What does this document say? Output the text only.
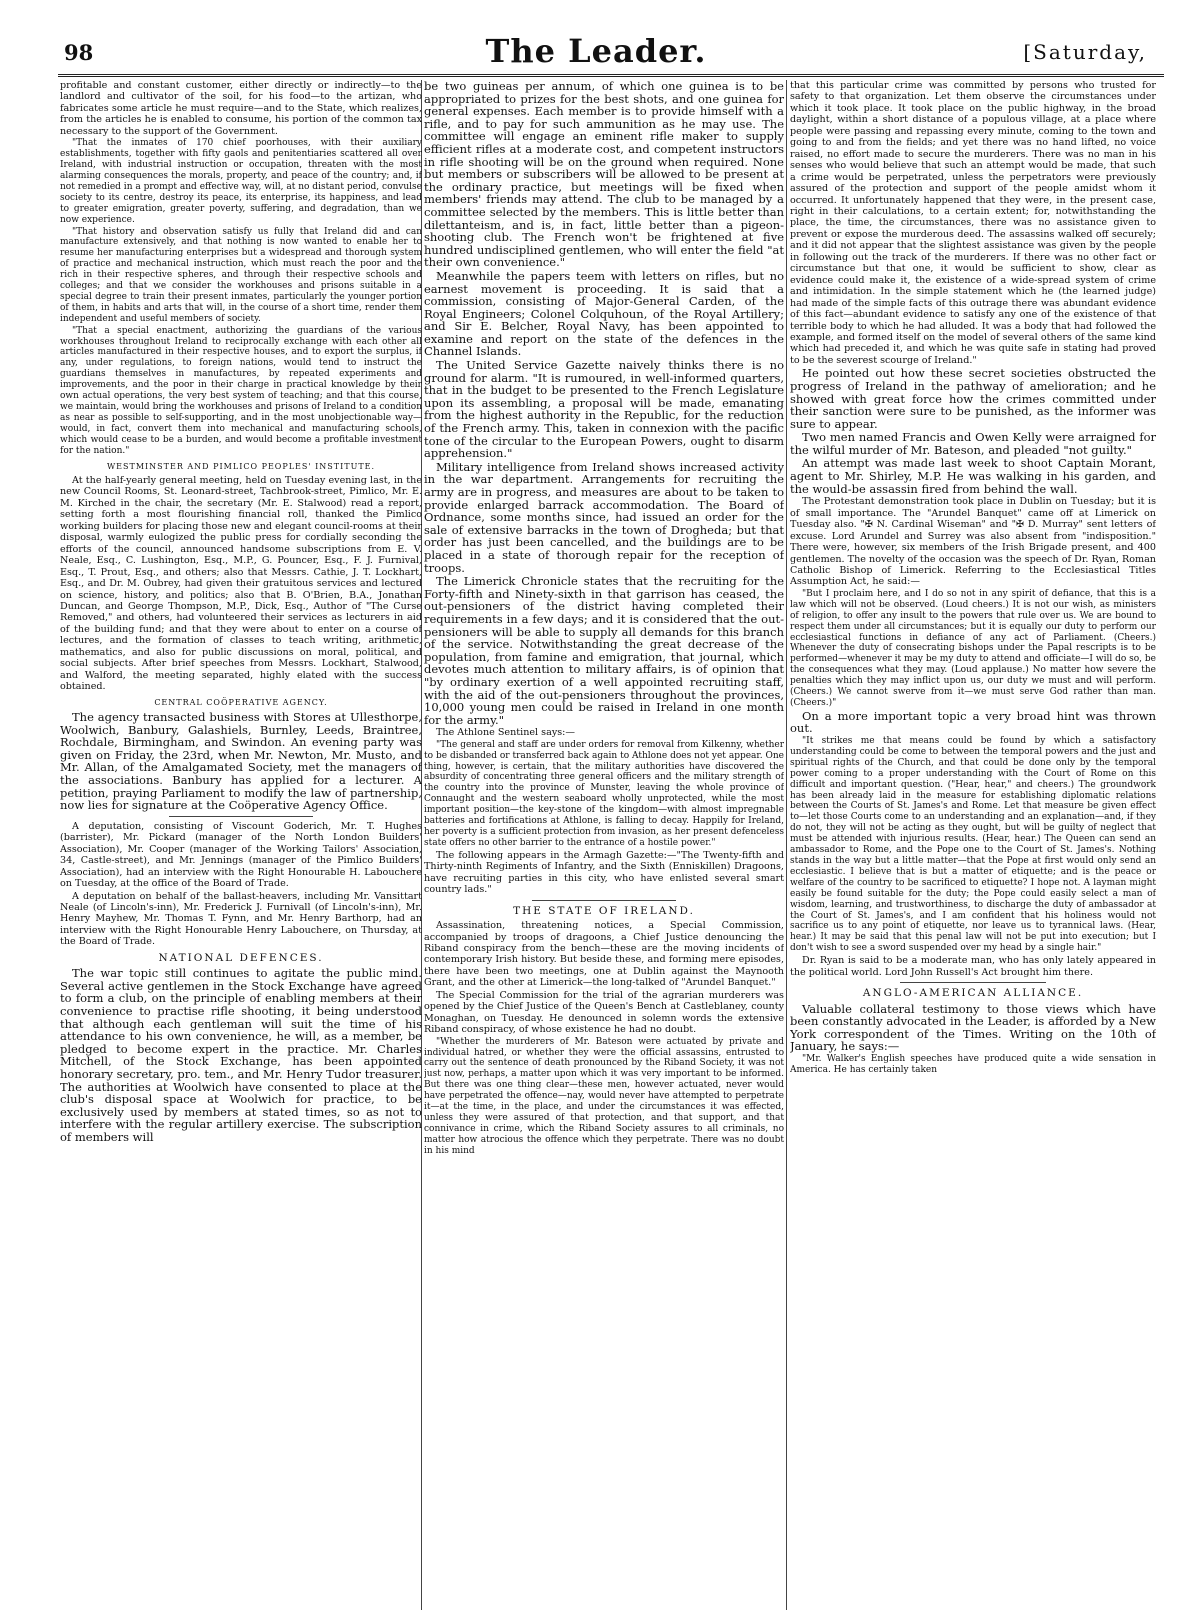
98	The Leader.	[Saturday,

profitable and constant customer, either directly or indirectly—to the landlord and cultivator of the soil, for his food—to the artizan, who fabricates some article he must require—and to the State, which realizes, from the articles he is enabled to consume, his portion of the common tax necessary to the support of the Government.

"That the inmates of 170 chief poorhouses, with their auxiliary establishments, together with fifty gaols and penitentiaries scattered all over Ireland, with industrial instruction or occupation, threaten with the most alarming consequences the morals, property, and peace of the country; and, if not remedied in a prompt and effective way, will, at no distant period, convulse society to its centre, destroy its peace, its enterprise, its happiness, and lead to greater emigration, greater poverty, suffering, and degradation, than we now experience.

"That history and observation satisfy us fully that Ireland did and can manufacture extensively, and that nothing is now wanted to enable her to resume her manufacturing enterprises but a widespread and thorough system of practice and mechanical instruction, which must reach the poor and the rich in their respective spheres, and through their respective schools and colleges; and that we consider the workhouses and prisons suitable in a special degree to train their present inmates, particularly the younger portion of them, in habits and arts that will, in the course of a short time, render them independent and useful members of society.

"That a special enactment, authorizing the guardians of the various workhouses throughout Ireland to reciprocally exchange with each other all articles manufactured in their respective houses, and to export the surplus, if any, under regulations, to foreign nations, would tend to instruct the guardians themselves in manufactures, by repeated experiments and improvements, and the poor in their charge in practical knowledge by their own actual operations, the very best system of teaching; and that this course, we maintain, would bring the workhouses and prisons of Ireland to a condition as near as possible to self-supporting, and in the most unobjectionable way—would, in fact, convert them into mechanical and manufacturing schools, which would cease to be a burden, and would become a profitable investment for the nation."

WESTMINSTER AND PIMLICO PEOPLES' INSTITUTE.

At the half-yearly general meeting, held on Tuesday evening last, in the new Council Rooms, St. Leonard-street, Tachbrook-street, Pimlico, Mr. E. M. Kirched in the chair, the secretary (Mr. E. Stalwood) read a report, setting forth a most flourishing financial roll, thanked the Pimlico working builders for placing those new and elegant council-rooms at their disposal, warmly eulogized the public press for cordially seconding the efforts of the council, announced handsome subscriptions from E. V. Neale, Esq., C. Lushington, Esq., M.P., G. Pouncer, Esq., F. J. Furnival, Esq., T. Prout, Esq., and others; also that Messrs. Cathie, J. T. Lockhart, Esq., and Dr. M. Oubrey, had given their gratuitous services and lectured on science, history, and politics; also that B. O'Brien, B.A., Jonathan Duncan, and George Thompson, M.P., Dick, Esq., Author of "The Curse Removed," and others, had volunteered their services as lecturers in aid of the building fund; and that they were about to enter on a course of lectures, and the formation of classes to teach writing, arithmetic, mathematics, and also for public discussions on moral, political, and social subjects. After brief speeches from Messrs. Lockhart, Stalwood, and Walford, the meeting separated, highly elated with the success obtained.

CENTRAL COÖPERATIVE AGENCY.

The agency transacted business with Stores at Ullesthorpe, Woolwich, Banbury, Galashiels, Burnley, Leeds, Braintree, Rochdale, Birmingham, and Swindon. An evening party was given on Friday, the 23rd, when Mr. Newton, Mr. Musto, and Mr. Allan, of the Amalgamated Society, met the managers of the associations. Banbury has applied for a lecturer. A petition, praying Parliament to modify the law of partnership, now lies for signature at the Coöperative Agency Office.

A deputation, consisting of Viscount Goderich, Mr. T. Hughes (barrister), Mr. Pickard (manager of the North London Builders' Association), Mr. Cooper (manager of the Working Tailors' Association, 34, Castle-street), and Mr. Jennings (manager of the Pimlico Builders' Association), had an interview with the Right Honourable H. Labouchere on Tuesday, at the office of the Board of Trade.

A deputation on behalf of the ballast-heavers, including Mr. Vansittart Neale (of Lincoln's-inn), Mr. Frederick J. Furnivall (of Lincoln's-inn), Mr. Henry Mayhew, Mr. Thomas T. Fynn, and Mr. Henry Barthorp, had an interview with the Right Honourable Henry Labouchere, on Thursday, at the Board of Trade.

NATIONAL DEFENCES.

The war topic still continues to agitate the public mind. Several active gentlemen in the Stock Exchange have agreed to form a club, on the principle of enabling members at their convenience to practise rifle shooting, it being understood that although each gentleman will suit the time of his attendance to his own convenience, he will, as a member, be pledged to become expert in the practice. Mr. Charles Mitchell, of the Stock Exchange, has been appointed honorary secretary, pro. tem., and Mr. Henry Tudor treasurer. The authorities at Woolwich have consented to place at the club's disposal space at Woolwich for practice, to be exclusively used by members at stated times, so as not to interfere with the regular artillery exercise. The subscription of members will

be two guineas per annum, of which one guinea is to be appropriated to prizes for the best shots, and one guinea for general expenses. Each member is to provide himself with a rifle, and to pay for such ammunition as he may use. The committee will engage an eminent rifle maker to supply efficient rifles at a moderate cost, and competent instructors in rifle shooting will be on the ground when required. None but members or subscribers will be allowed to be present at the ordinary practice, but meetings will be fixed when members' friends may attend. The club to be managed by a committee selected by the members. This is little better than dilettanteism, and is, in fact, little better than a pigeon-shooting club. The French won't be frightened at five hundred undisciplined gentlemen, who will enter the field "at their own convenience."

Meanwhile the papers teem with letters on rifles, but no earnest movement is proceeding. It is said that a commission, consisting of Major-General Carden, of the Royal Engineers; Colonel Colquhoun, of the Royal Artillery; and Sir E. Belcher, Royal Navy, has been appointed to examine and report on the state of the defences in the Channel Islands.

The United Service Gazette naively thinks there is no ground for alarm. "It is rumoured, in well-informed quarters, that in the budget to be presented to the French Legislature upon its assembling, a proposal will be made, emanating from the highest authority in the Republic, for the reduction of the French army. This, taken in connexion with the pacific tone of the circular to the European Powers, ought to disarm apprehension."

Military intelligence from Ireland shows increased activity in the war department. Arrangements for recruiting the army are in progress, and measures are about to be taken to provide enlarged barrack accommodation. The Board of Ordnance, some months since, had issued an order for the sale of extensive barracks in the town of Drogheda; but that order has just been cancelled, and the buildings are to be placed in a state of thorough repair for the reception of troops.

The Limerick Chronicle states that the recruiting for the Forty-fifth and Ninety-sixth in that garrison has ceased, the out-pensioners of the district having completed their requirements in a few days; and it is considered that the out-pensioners will be able to supply all demands for this branch of the service. Notwithstanding the great decrease of the population, from famine and emigration, that journal, which devotes much attention to military affairs, is of opinion that "by ordinary exertion of a well appointed recruiting staff, with the aid of the out-pensioners throughout the provinces, 10,000 young men could be raised in Ireland in one month for the army."

The Athlone Sentinel says:—

"The general and staff are under orders for removal from Kilkenny, whether to be disbanded or transferred back again to Athlone does not yet appear. One thing, however, is certain, that the military authorities have discovered the absurdity of concentrating three general officers and the military strength of the country into the province of Munster, leaving the whole province of Connaught and the western seaboard wholly unprotected, while the most important position—the key-stone of the kingdom—with almost impregnable batteries and fortifications at Athlone, is falling to decay. Happily for Ireland, her poverty is a sufficient protection from invasion, as her present defenceless state offers no other barrier to the entrance of a hostile power."

The following appears in the Armagh Gazette:—"The Twenty-fifth and Thirty-ninth Regiments of Infantry, and the Sixth (Enniskillen) Dragoons, have recruiting parties in this city, who have enlisted several smart country lads."

THE STATE OF IRELAND.

Assassination, threatening notices, a Special Commission, accompanied by troops of dragoons, a Chief Justice denouncing the Riband conspiracy from the bench—these are the moving incidents of contemporary Irish history. But beside these, and forming mere episodes, there have been two meetings, one at Dublin against the Maynooth Grant, and the other at Limerick—the long-talked of "Arundel Banquet."

The Special Commission for the trial of the agrarian murderers was opened by the Chief Justice of the Queen's Bench at Castleblaney, county Monaghan, on Tuesday. He denounced in solemn words the extensive Riband conspiracy, of whose existence he had no doubt.

"Whether the murderers of Mr. Bateson were actuated by private and individual hatred, or whether they were the official assassins, entrusted to carry out the sentence of death pronounced by the Riband Society, it was not just now, perhaps, a matter upon which it was very important to be informed. But there was one thing clear—these men, however actuated, never would have perpetrated the offence—nay, would never have attempted to perpetrate it—at the time, in the place, and under the circumstances it was effected, unless they were assured of that protection, and that support, and that connivance in crime, which the Riband Society assures to all criminals, no matter how atrocious the offence which they perpetrate. There was no doubt in his mind

that this particular crime was committed by persons who trusted for safety to that organization. Let them observe the circumstances under which it took place. It took place on the public highway, in the broad daylight, within a short distance of a populous village, at a place where people were passing and repassing every minute, coming to the town and going to and from the fields; and yet there was no hand lifted, no voice raised, no effort made to secure the murderers. There was no man in his senses who would believe that such an attempt would be made, that such a crime would be perpetrated, unless the perpetrators were previously assured of the protection and support of the people amidst whom it occurred. It unfortunately happened that they were, in the present case, right in their calculations, to a certain extent; for, notwithstanding the place, the time, the circumstances, there was no assistance given to prevent or expose the murderous deed. The assassins walked off securely; and it did not appear that the slightest assistance was given by the people in following out the track of the murderers. If there was no other fact or circumstance but that one, it would be sufficient to show, clear as evidence could make it, the existence of a wide-spread system of crime and intimidation. In the simple statement which he (the learned judge) had made of the simple facts of this outrage there was abundant evidence of this fact—abundant evidence to satisfy any one of the existence of that terrible body to which he had alluded. It was a body that had followed the example, and formed itself on the model of several others of the same kind which had preceded it, and which he was quite safe in stating had proved to be the severest scourge of Ireland."

He pointed out how these secret societies obstructed the progress of Ireland in the pathway of amelioration; and he showed with great force how the crimes committed under their sanction were sure to be punished, as the informer was sure to appear.

Two men named Francis and Owen Kelly were arraigned for the wilful murder of Mr. Bateson, and pleaded "not guilty."

An attempt was made last week to shoot Captain Morant, agent to Mr. Shirley, M.P. He was walking in his garden, and the would-be assassin fired from behind the wall.

The Protestant demonstration took place in Dublin on Tuesday; but it is of small importance. The "Arundel Banquet" came off at Limerick on Tuesday also. "✠ N. Cardinal Wiseman" and "✠ D. Murray" sent letters of excuse. Lord Arundel and Surrey was also absent from "indisposition." There were, however, six members of the Irish Brigade present, and 400 gentlemen. The novelty of the occasion was the speech of Dr. Ryan, Roman Catholic Bishop of Limerick. Referring to the Ecclesiastical Titles Assumption Act, he said:—

"But I proclaim here, and I do so not in any spirit of defiance, that this is a law which will not be observed. (Loud cheers.) It is not our wish, as ministers of religion, to offer any insult to the powers that rule over us. We are bound to respect them under all circumstances; but it is equally our duty to perform our ecclesiastical functions in defiance of any act of Parliament. (Cheers.) Whenever the duty of consecrating bishops under the Papal rescripts is to be performed—whenever it may be my duty to attend and officiate—I will do so, be the consequences what they may. (Loud applause.) No matter how severe the penalties which they may inflict upon us, our duty we must and will perform. (Cheers.) We cannot swerve from it—we must serve God rather than man. (Cheers.)"

On a more important topic a very broad hint was thrown out.

"It strikes me that means could be found by which a satisfactory understanding could be come to between the temporal powers and the just and spiritual rights of the Church, and that could be done only by the temporal power coming to a proper understanding with the Court of Rome on this difficult and important question. ("Hear, hear," and cheers.) The groundwork has been already laid in the measure for establishing diplomatic relations between the Courts of St. James's and Rome. Let that measure be given effect to—let those Courts come to an understanding and an explanation—and, if they do not, they will not be acting as they ought, but will be guilty of neglect that must be attended with injurious results. (Hear, hear.) The Queen can send an ambassador to Rome, and the Pope one to the Court of St. James's. Nothing stands in the way but a little matter—that the Pope at first would only send an ecclesiastic. I believe that is but a matter of etiquette; and is the peace or welfare of the country to be sacrificed to etiquette? I hope not. A layman might easily be found suitable for the duty; the Pope could easily select a man of wisdom, learning, and trustworthiness, to discharge the duty of ambassador at the Court of St. James's, and I am confident that his holiness would not sacrifice us to any point of etiquette, nor leave us to tyrannical laws. (Hear, hear.) It may be said that this penal law will not be put into execution; but I don't wish to see a sword suspended over my head by a single hair."

Dr. Ryan is said to be a moderate man, who has only lately appeared in the political world. Lord John Russell's Act brought him there.

ANGLO-AMERICAN ALLIANCE.

Valuable collateral testimony to those views which have been constantly advocated in the Leader, is afforded by a New York correspondent of the Times. Writing on the 10th of January, he says:—

"Mr. Walker's English speeches have produced quite a wide sensation in America. He has certainly taken
